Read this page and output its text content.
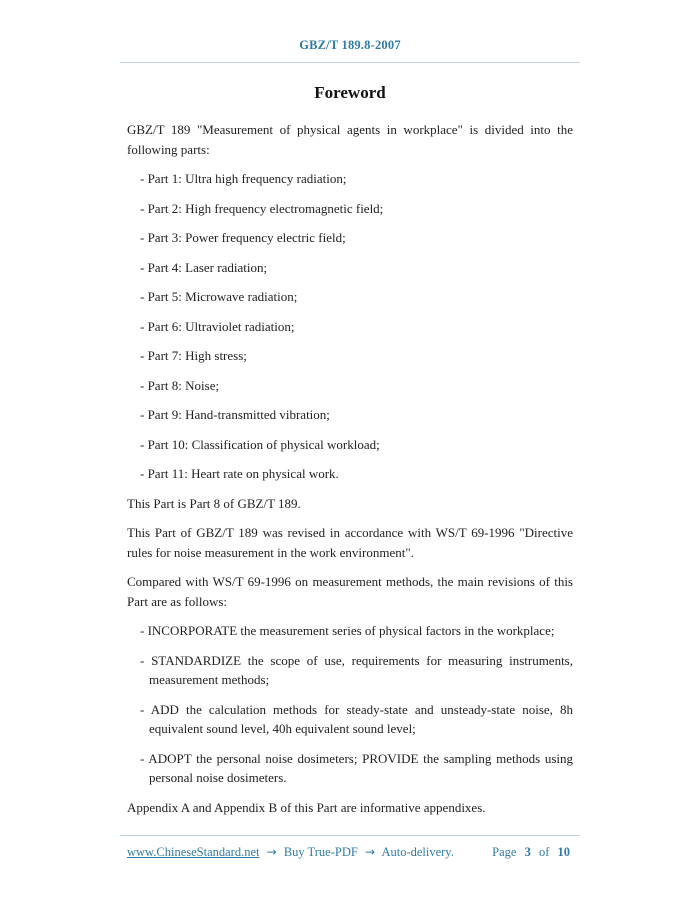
GBZ/T 189.8-2007
Foreword

GBZ/T 189 "Measurement of physical agents in workplace" is divided into the following parts:

- Part 1: Ultra high frequency radiation;
- Part 2: High frequency electromagnetic field;
- Part 3: Power frequency electric field;
- Part 4: Laser radiation;
- Part 5: Microwave radiation;
- Part 6: Ultraviolet radiation;
- Part 7: High stress;
- Part 8: Noise;
- Part 9: Hand-transmitted vibration;
- Part 10: Classification of physical workload;
- Part 11: Heart rate on physical work.

This Part is Part 8 of GBZ/T 189.

This Part of GBZ/T 189 was revised in accordance with WS/T 69-1996 "Directive rules for noise measurement in the work environment".

Compared with WS/T 69-1996 on measurement methods, the main revisions of this Part are as follows:

- INCORPORATE the measurement series of physical factors in the workplace;
- STANDARDIZE the scope of use, requirements for measuring instruments, measurement methods;
- ADD the calculation methods for steady-state and unsteady-state noise, 8h equivalent sound level, 40h equivalent sound level;
- ADOPT the personal noise dosimeters; PROVIDE the sampling methods using personal noise dosimeters.

Appendix A and Appendix B of this Part are informative appendixes.

www.ChineseStandard.net → Buy True-PDF → Auto-delivery.	Page 3 of 10
